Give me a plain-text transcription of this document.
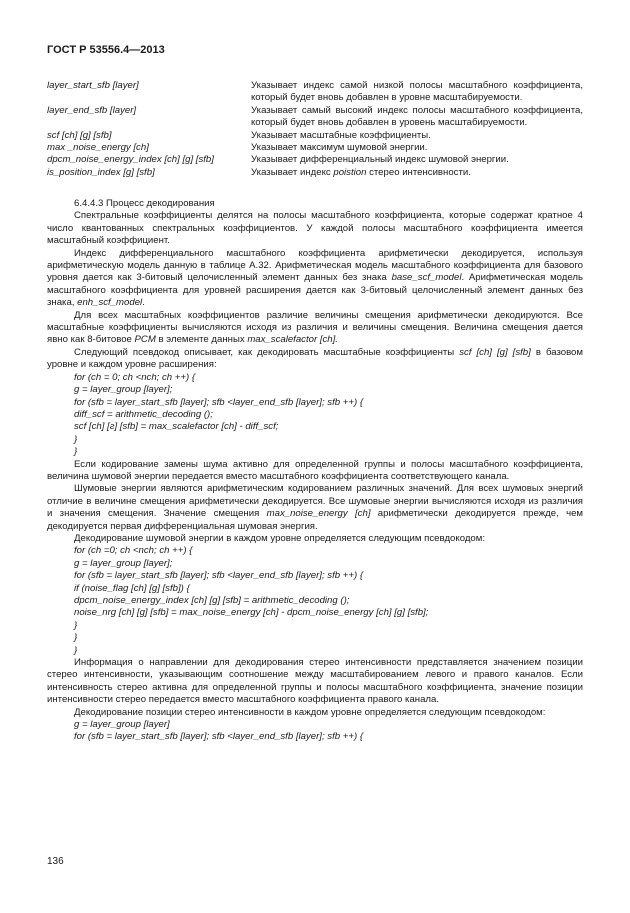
ГОСТ Р 53556.4—2013
layer_start_sfb [layer]	Указывает индекс самой низкой полосы масштабного коэффициента, который будет вновь добавлен в уровне масштабируемости.
layer_end_sfb [layer]	Указывает самый высокий индекс полосы масштабного коэффициента, который будет вновь добавлен в уровень масштабируемости.
scf [ch] [g] [sfb]	Указывает масштабные коэффициенты.
max _noise_energy [ch]	Указывает максимум шумовой энергии.
dpcm_noise_energy_index [ch] [g] [sfb]	Указывает дифференциальный индекс шумовой энергии.
is_position_index [g] [sfb]	Указывает индекс poistion стерео интенсивности.
6.4.4.3 Процесс декодирования

Спектральные коэффициенты делятся на полосы масштабного коэффициента, которые содержат кратное 4 число квантованных спектральных коэффициентов. У каждой полосы масштабного коэффициента имеется масштабный коэффициент.

Индекс дифференциального масштабного коэффициента арифметически декодируется, используя арифметическую модель данную в таблице А.32. Арифметическая модель масштабного коэффициента для базового уровня дается как 3-битовый целочисленный элемент данных без знака base_scf_model. Арифметическая модель масштабного коэффициента для уровней расширения дается как 3-битовый целочисленный элемент данных без знака, enh_scf_model.

Для всех масштабных коэффициентов различие величины смещения арифметически декодируются. Все масштабные коэффициенты вычисляются исходя из различия и величины смещения. Величина смещения дается явно как 8-битовое PCM в элементе данных max_scalefactor [ch].

Следующий псевдокод описывает, как декодировать масштабные коэффициенты scf [ch] [g] [sfb] в базовом уровне и каждом уровне расширения:

for (ch = 0; ch <nch; ch ++) {
g = layer_group [layer];
for (sfb = layer_start_sfb [layer]; sfb <layer_end_sfb [layer]; sfb ++) {
diff_scf = arithmetic_decoding ();
scf [ch] [г] [sfb] = max_scalefactor [ch] - diff_scf;
}
}

Если кодирование замены шума активно для определенной группы и полосы масштабного коэффициента, величина шумовой энергии передается вместо масштабного коэффициента соответствующего канала.

Шумовые энергии являются арифметическим кодированием различных значений. Для всех шумовых энергий отличие в величине смещения арифметически декодируется. Все шумовые энергии вычисляются исходя из различия и значения смещения. Значение смещения max_noise_energy [ch] арифметически декодируется прежде, чем декодируется первая дифференциальная шумовая энергия.

Декодирование шумовой энергии в каждом уровне определяется следующим псевдокодом:

for (ch =0; ch <nch; ch ++) {
g = layer_group [layer];
for (sfb = layer_start_sfb [layer]; sfb <layer_end_sfb [layer]; sfb ++) {
if (noise_flag [ch] [g] [sfb]) {
dpcm_noise_energy_index [ch] [g] [sfb] = arithmetic_decoding ();
noise_nrg [ch] [g] [sfb] = max_noise_energy [ch] - dpcm_noise_energy [ch] [g] [sfb];
}
}
}

Информация о направлении для декодирования стерео интенсивности представляется значением позиции стерео интенсивности, указывающим соотношение между масштабированием левого и правого каналов. Если интенсивность стерео активна для определенной группы и полосы масштабного коэффициента, значение позиции интенсивности стерео передается вместо масштабного коэффициента правого канала.

Декодирование позиции стерео интенсивности в каждом уровне определяется следующим псевдокодом:

g = layer_group [layer]
for (sfb = layer_start_sfb [layer]; sfb <layer_end_sfb [layer]; sfb ++) {
136
